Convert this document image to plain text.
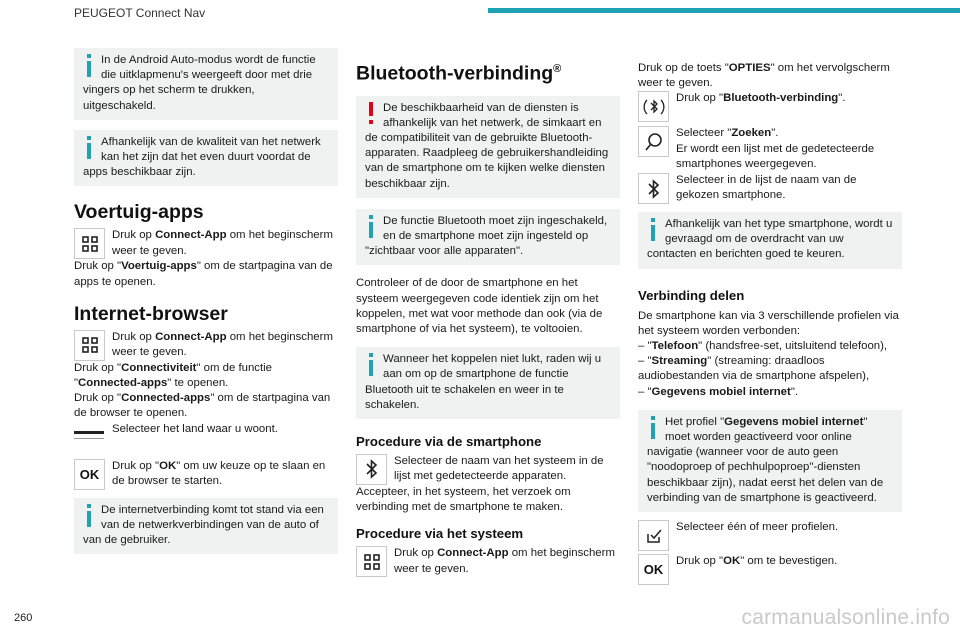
PEUGEOT Connect Nav
In de Android Auto-modus wordt de functie die uitklapmenu's weergeeft door met drie vingers op het scherm te drukken, uitgeschakeld.
Afhankelijk van de kwaliteit van het netwerk kan het zijn dat het even duurt voordat de apps beschikbaar zijn.
Voertuig-apps
Druk op Connect-App om het beginscherm weer te geven.

Druk op "Voertuig-apps" om de startpagina van de apps te openen.

Internet-browser
Druk op Connect-App om het beginscherm weer te geven.

Druk op "Connectiviteit" om de functie

"Connected-apps" te openen.

Druk op "Connected-apps" om de startpagina van de browser te openen.

Selecteer het land waar u woont.
OK
Druk op "OK" om uw keuze op te slaan en de browser te starten.
De internetverbinding komt tot stand via een van de netwerkverbindingen van de auto of van de gebruiker.
Bluetooth-verbinding®
De beschikbaarheid van de diensten is afhankelijk van het netwerk, de simkaart en de compatibiliteit van de gebruikte Bluetooth-apparaten. Raadpleeg de gebruikershandleiding van de smartphone om te kijken welke diensten beschikbaar zijn.
De functie Bluetooth moet zijn ingeschakeld, en de smartphone moet zijn ingesteld op "zichtbaar voor alle apparaten".

Controleer of de door de smartphone en het systeem weergegeven code identiek zijn om het koppelen, met wat voor methode dan ook (via de smartphone of via het systeem), te voltooien.

Wanneer het koppelen niet lukt, raden wij u aan om op de smartphone de functie Bluetooth uit te schakelen en weer in te schakelen.
Procedure via de smartphone
Selecteer de naam van het systeem in de lijst met gedetecteerde apparaten.

Accepteer, in het systeem, het verzoek om verbinding met de smartphone te maken.

Procedure via het systeem
Druk op Connect-App om het beginscherm weer te geven.

Druk op de toets "OPTIES" om het vervolgscherm weer te geven.

Druk op "Bluetooth-verbinding".
Selecteer "Zoeken".
Er wordt een lijst met de gedetecteerde smartphones weergegeven.
Selecteer in de lijst de naam van de gekozen smartphone.
Afhankelijk van het type smartphone, wordt u gevraagd om de overdracht van uw contacten en berichten goed te keuren.
Verbinding delen

De smartphone kan via 3 verschillende profielen via het systeem worden verbonden:

– "Telefoon" (handsfree-set, uitsluitend telefoon),

– "Streaming" (streaming: draadloos audiobestanden via de smartphone afspelen),

– "Gegevens mobiel internet".

Het profiel "Gegevens mobiel internet" moet worden geactiveerd voor online navigatie (wanneer voor de auto geen "noodoproep of pechhulpoproep"-diensten beschikbaar zijn), nadat eerst het delen van de verbinding van de smartphone is geactiveerd.
Selecteer één of meer profielen.
OK
Druk op "OK" om te bevestigen.
260	carmanualsonline.info
